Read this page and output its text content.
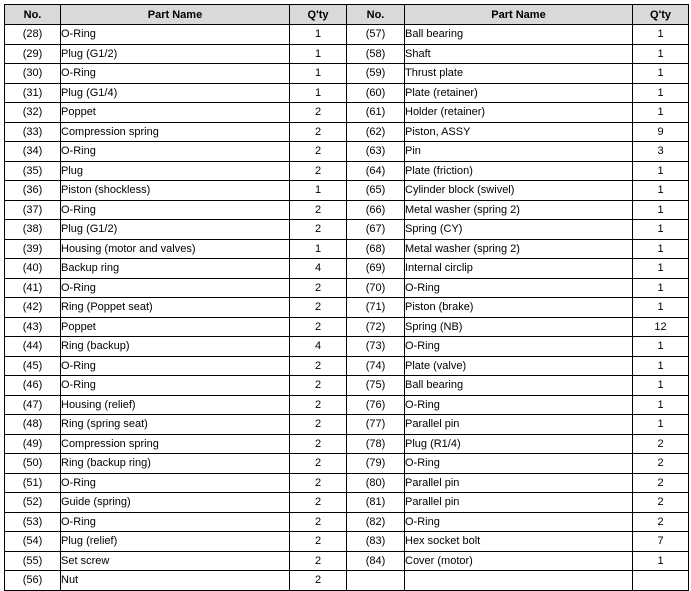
No.	Part Name	Q'ty	No.	Part Name	Q'ty
(28)	O-Ring	1	(57)	Ball bearing	1
(29)	Plug (G1/2)	1	(58)	Shaft	1
(30)	O-Ring	1	(59)	Thrust plate	1
(31)	Plug (G1/4)	1	(60)	Plate (retainer)	1
(32)	Poppet	2	(61)	Holder (retainer)	1
(33)	Compression spring	2	(62)	Piston, ASSY	9
(34)	O-Ring	2	(63)	Pin	3
(35)	Plug	2	(64)	Plate (friction)	1
(36)	Piston (shockless)	1	(65)	Cylinder block (swivel)	1
(37)	O-Ring	2	(66)	Metal washer (spring 2)	1
(38)	Plug (G1/2)	2	(67)	Spring (CY)	1
(39)	Housing (motor and valves)	1	(68)	Metal washer (spring 2)	1
(40)	Backup ring	4	(69)	Internal circlip	1
(41)	O-Ring	2	(70)	O-Ring	1
(42)	Ring (Poppet seat)	2	(71)	Piston (brake)	1
(43)	Poppet	2	(72)	Spring (NB)	12
(44)	Ring (backup)	4	(73)	O-Ring	1
(45)	O-Ring	2	(74)	Plate (valve)	1
(46)	O-Ring	2	(75)	Ball bearing	1
(47)	Housing (relief)	2	(76)	O-Ring	1
(48)	Ring (spring seat)	2	(77)	Parallel pin	1
(49)	Compression spring	2	(78)	Plug (R1/4)	2
(50)	Ring (backup ring)	2	(79)	O-Ring	2
(51)	O-Ring	2	(80)	Parallel pin	2
(52)	Guide (spring)	2	(81)	Parallel pin	2
(53)	O-Ring	2	(82)	O-Ring	2
(54)	Plug (relief)	2	(83)	Hex socket bolt	7
(55)	Set screw	2	(84)	Cover (motor)	1
(56)	Nut	2			
